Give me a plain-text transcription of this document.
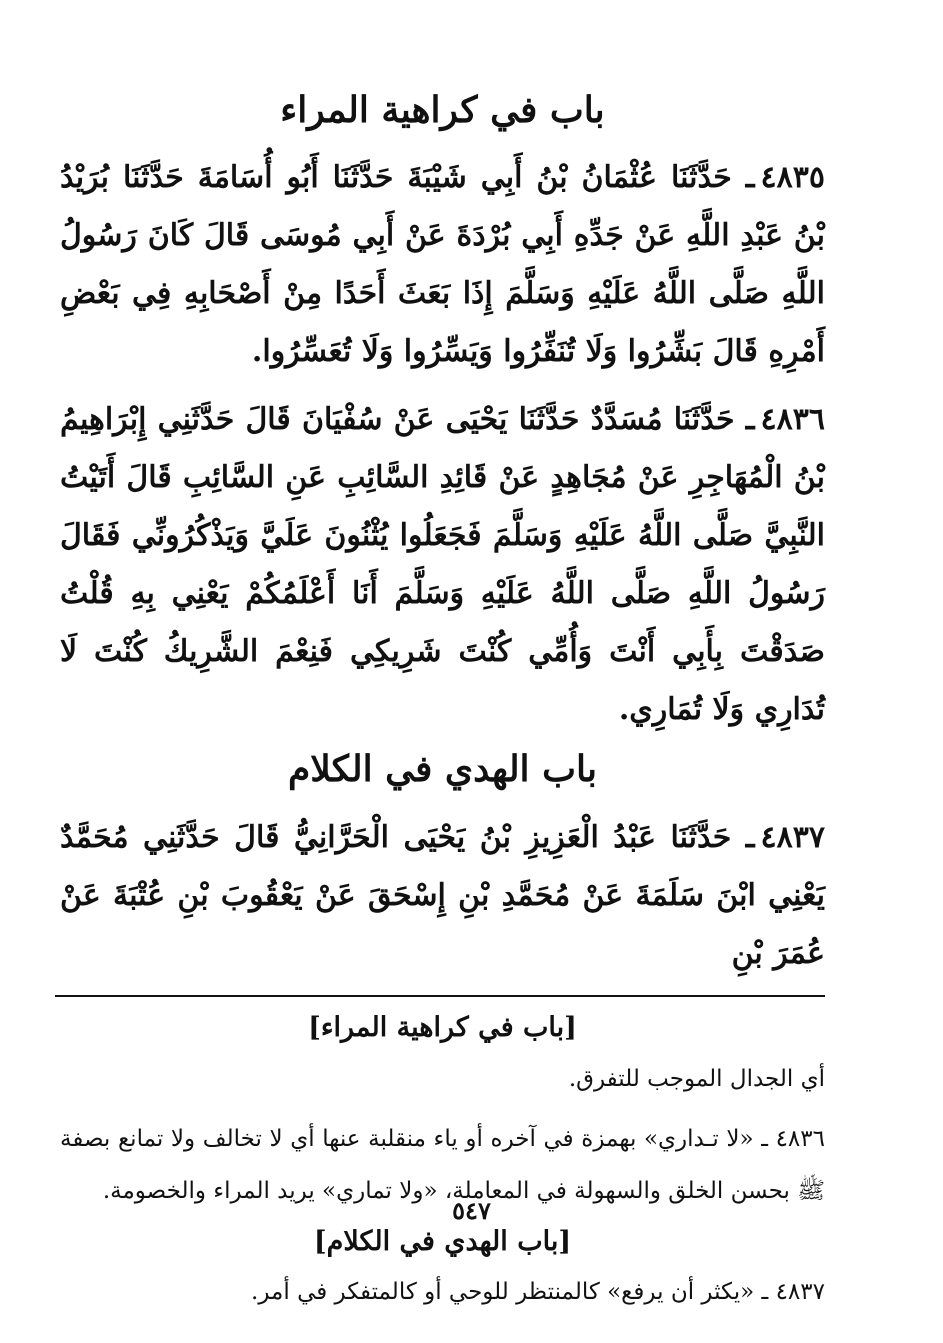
باب في كراهية المراء

٤٨٣٥ـ حَدَّثَنَا عُثْمَانُ بْنُ أَبِي شَيْبَةَ حَدَّثَنَا أَبُو أُسَامَةَ حَدَّثَنَا بُرَيْدُ بْنُ عَبْدِ اللَّهِ عَنْ جَدِّهِ أَبِي بُرْدَةَ عَنْ أَبِي مُوسَى قَالَ كَانَ رَسُولُ اللَّهِ صَلَّى اللَّهُ عَلَيْهِ وَسَلَّمَ إِذَا بَعَثَ أَحَدًا مِنْ أَصْحَابِهِ فِي بَعْضِ أَمْرِهِ قَالَ بَشِّرُوا وَلَا تُنَفِّرُوا وَيَسِّرُوا وَلَا تُعَسِّرُوا.

٤٨٣٦ـ حَدَّثَنَا مُسَدَّدٌ حَدَّثَنَا يَحْيَى عَنْ سُفْيَانَ قَالَ حَدَّثَنِي إِبْرَاهِيمُ بْنُ الْمُهَاجِرِ عَنْ مُجَاهِدٍ عَنْ قَائِدِ السَّائِبِ عَنِ السَّائِبِ قَالَ أَتَيْتُ النَّبِيَّ صَلَّى اللَّهُ عَلَيْهِ وَسَلَّمَ فَجَعَلُوا يُثْنُونَ عَلَيَّ وَيَذْكُرُونِّي فَقَالَ رَسُولُ اللَّهِ صَلَّى اللَّهُ عَلَيْهِ وَسَلَّمَ أَنَا أَعْلَمُكُمْ يَعْنِي بِهِ قُلْتُ صَدَقْتَ بِأَبِي أَنْتَ وَأُمِّي كُنْتَ شَرِيكِي فَنِعْمَ الشَّرِيكُ كُنْتَ لَا تُدَارِي وَلَا تُمَارِي.

باب الهدي في الكلام

٤٨٣٧ـ حَدَّثَنَا عَبْدُ الْعَزِيزِ بْنُ يَحْيَى الْحَرَّانِيُّ قَالَ حَدَّثَنِي مُحَمَّدٌ يَعْنِي ابْنَ سَلَمَةَ عَنْ مُحَمَّدِ بْنِ إِسْحَقَ عَنْ يَعْقُوبَ بْنِ عُتْبَةَ عَنْ عُمَرَ بْنِ

[باب في كراهية المراء]

أي الجدال الموجب للتفرق.

٤٨٣٦ ـ «لا تـداري» بهمزة في آخره أو ياء منقلبة عنها أي لا تخالف ولا تمانع بصفة ﷺ بحسن الخلق والسهولة في المعاملة، «ولا تماري» يريد المراء والخصومة.

[باب الهدي في الكلام]

٤٨٣٧ ـ «يكثر أن يرفع» كالمنتظر للوحي أو كالمتفكر في أمر.

٥٤٧
